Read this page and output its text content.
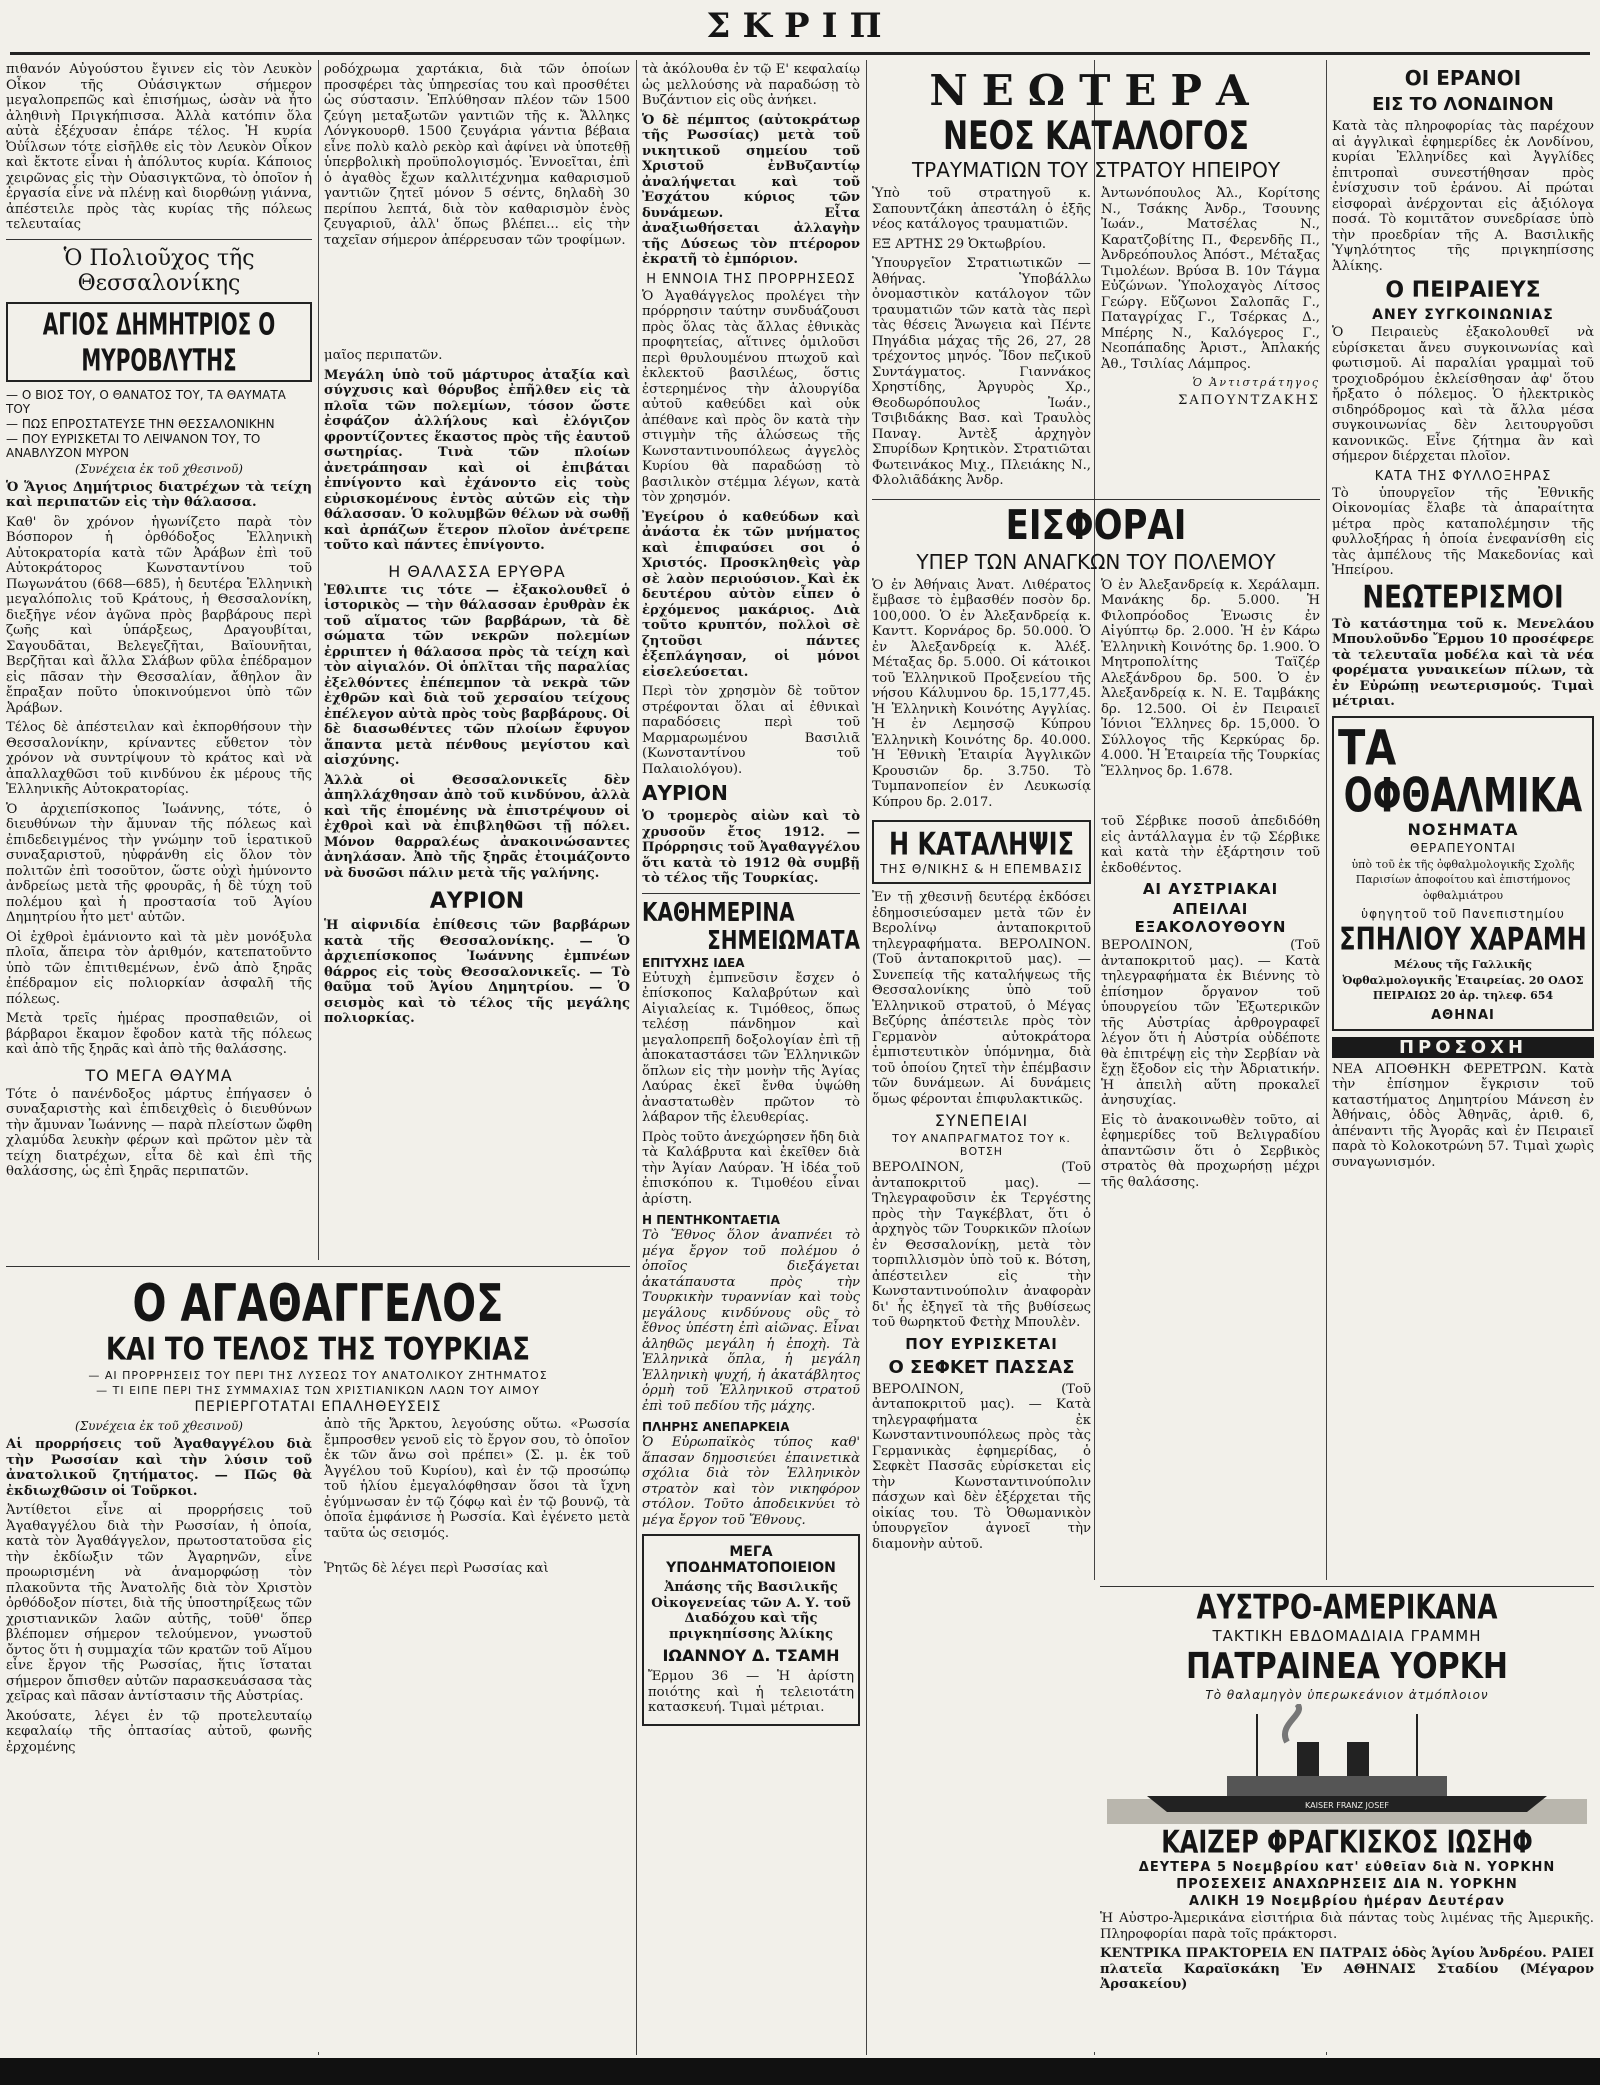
ΣΚΡΙΠ

πιθανόν Αὐγούστου ἔγινεν εἰς τὸν Λευκὸν Οἶκον τῆς Οὐάσιγκτων σήμερον μεγαλοπρεπῶς καὶ ἐπισήμως, ὡσὰν νὰ ἦτο ἀληθινὴ Πριγκήπισσα. Ἀλλὰ κατόπιν ὅλα αὐτὰ ἐξέχυσαν ἐπάρε τέλος. Ἡ κυρία Ὀὐΐλσων τότε εἰσῆλθε εἰς τὸν Λευκὸν Οἶκον καὶ ἔκτοτε εἶναι ἡ ἀπόλυτος κυρία. Κάποιος χειρῶνας εἰς τὴν Οὐασιγκτῶνα, τὸ ὁποῖον ἡ ἐργασία εἶνε νὰ πλένῃ καὶ διορθώνῃ γιάννα, ἀπέστειλε πρὸς τὰς κυρίας τῆς πόλεως τελευταίας

Ὁ Πολιοῦχος τῆς Θεσσαλονίκης
ΑΓΙΟΣ ΔΗΜΗΤΡΙΟΣ Ο ΜΥΡΟΒΛΥΤΗΣ
— Ο ΒΙΟΣ ΤΟΥ, Ο ΘΑΝΑΤΟΣ ΤΟΥ, ΤΑ ΘΑΥΜΑΤΑ ΤΟΥ
— ΠΩΣ ΕΠΡΟΣΤΑΤΕΥΣΕ ΤΗΝ ΘΕΣΣΑΛΟΝΙΚΗΝ
— ΠΟΥ ΕΥΡΙΣΚΕΤΑΙ ΤΟ ΛΕΙΨΑΝΟΝ ΤΟΥ, ΤΟ ΑΝΑΒΛΥΖΟΝ ΜΥΡΟΝ
(Συνέχεια ἐκ τοῦ χθεσινοῦ)

Ὁ Ἅγιος Δημήτριος διατρέχων τὰ τείχη καὶ περιπατῶν εἰς τὴν θάλασσα.

Καθ' ὃν χρόνον ἡγωνίζετο παρὰ τὸν Βόσπορον ἡ ὀρθόδοξος Ἑλληνικὴ Αὐτοκρατορία κατὰ τῶν Ἀράβων ἐπὶ τοῦ Αὐτοκράτορος Κωνσταντίνου τοῦ Πωγωνάτου (668—685), ἡ δευτέρα Ἑλληνικὴ μεγαλόπολις τοῦ Κράτους, ἡ Θεσσαλονίκη, διεξῆγε νέον ἀγῶνα πρὸς βαρβάρους περὶ ζωῆς καὶ ὑπάρξεως, Δραγουβίται, Σαγουδᾶται, Βελεγεζῆται, Βαϊουνῆται, Βερζῆται καὶ ἄλλα Σλάβων φῦλα ἐπέδραμον εἰς πᾶσαν τὴν Θεσσαλίαν, ἄθηλον ἂν ἔπραξαν ποῦτο ὑποκινούμενοι ὑπὸ τῶν Ἀράβων.

Τέλος δὲ ἀπέστειλαν καὶ ἐκπορθήσουν τὴν Θεσσαλονίκην, κρίναντες εὔθετον τὸν χρόνον νὰ συντρίψουν τὸ κράτος καὶ νὰ ἀπαλλαχθῶσι τοῦ κινδύνου ἐκ μέρους τῆς Ἑλληνικῆς Αὐτοκρατορίας.

Ὁ ἀρχιεπίσκοπος Ἰωάννης, τότε, ὁ διευθύνων τὴν ἄμυναν τῆς πόλεως καὶ ἐπιδεδειγμένος τὴν γνώμην τοῦ ἱερατικοῦ συναξαριστοῦ, ηὐφράνθη εἰς ὅλον τὸν πολιτῶν ἐπὶ τοσοῦτον, ὥστε οὐχὶ ἠμύνοντο ἀνδρείως μετὰ τῆς φρουρᾶς, ἡ δὲ τύχη τοῦ πολέμου καὶ ἡ προστασία τοῦ Ἁγίου Δημητρίου ἦτο μετ' αὐτῶν.

Οἱ ἐχθροὶ ἐμάνιοντο καὶ τὰ μὲν μονόξυλα πλοῖα, ἄπειρα τὸν ἀριθμόν, κατεπατοῦντο ὑπὸ τῶν ἐπιτιθεμένων, ἐνῶ ἀπὸ ξηρᾶς ἐπέδραμον εἰς πολιορκίαν ἀσφαλῆ τῆς πόλεως.

Μετὰ τρεῖς ἡμέρας προσπαθειῶν, οἱ βάρβαροι ἔκαμον ἔφοδον κατὰ τῆς πόλεως καὶ ἀπὸ τῆς ξηρᾶς καὶ ἀπὸ τῆς θαλάσσης.

ΤΟ ΜΕΓΑ ΘΑΥΜΑ

Τότε ὁ πανένδοξος μάρτυς ἐπήγασεν ὁ συναξαριστὴς καὶ ἐπιδειχθεὶς ὁ διευθύνων τὴν ἄμυναν Ἰωάννης — παρὰ πλείστων ὤφθη χλαμύδα λευκὴν φέρων καὶ πρῶτον μὲν τὰ τείχη διατρέχων, εἶτα δὲ καὶ ἐπὶ τῆς θαλάσσης, ὡς ἐπὶ ξηρᾶς περιπατῶν.

Ο ΑΓΑΘΑΓΓΕΛΟΣ
ΚΑΙ ΤΟ ΤΕΛΟΣ ΤΗΣ ΤΟΥΡΚΙΑΣ
— ΑΙ ΠΡΟΡΡΗΣΕΙΣ ΤΟΥ ΠΕΡΙ ΤΗΣ ΛΥΣΕΩΣ ΤΟΥ ΑΝΑΤΟΛΙΚΟΥ ΖΗΤΗΜΑΤΟΣ
— ΤΙ ΕΙΠΕ ΠΕΡΙ ΤΗΣ ΣΥΜΜΑΧΙΑΣ ΤΩΝ ΧΡΙΣΤΙΑΝΙΚΩΝ ΛΑΩΝ ΤΟΥ ΑΙΜΟΥ
ΠΕΡΙΕΡΓΟΤΑΤΑΙ ΕΠΑΛΗΘΕΥΣΕΙΣ
(Συνέχεια ἐκ τοῦ χθεσινοῦ)

Αἱ προρρήσεις τοῦ Ἀγαθαγγέλου διὰ τὴν Ρωσσίαν καὶ τὴν λύσιν τοῦ ἀνατολικοῦ ζητήματος. — Πῶς θὰ ἐκδιωχθῶσιν οἱ Τοῦρκοι.

Ἀντίθετοι εἶνε αἱ προρρήσεις τοῦ Ἀγαθαγγέλου διὰ τὴν Ρωσσίαν, ἡ ὁποία, κατὰ τὸν Ἀγαθάγγελον, πρωτοστατοῦσα εἰς τὴν ἐκδίωξιν τῶν Ἀγαρηνῶν, εἶνε προωρισμένη νὰ ἀναμορφώσῃ τὸν πλακοῦντα τῆς Ἀνατολῆς διὰ τὸν Χριστὸν ὀρθόδοξον πίστει, διὰ τῆς ὑποστηρίξεως τῶν χριστιανικῶν λαῶν αὐτῆς, τοῦθ' ὅπερ βλέπομεν σήμερον τελούμενον, γνωστοῦ ὄντος ὅτι ἡ συμμαχία τῶν κρατῶν τοῦ Αἵμου εἶνε ἔργον τῆς Ρωσσίας, ἥτις ἵσταται σήμερον ὄπισθεν αὐτῶν παρασκευάσασα τὰς χεῖρας καὶ πᾶσαν ἀντίστασιν τῆς Αὐστρίας.

Ἀκούσατε, λέγει ἐν τῷ προτελευταίῳ κεφαλαίῳ τῆς ὀπτασίας αὐτοῦ, φωνῆς ἐρχομένης

ἀπὸ τῆς Ἄρκτου, λεγούσης οὕτω. «Ρωσσία ἔμπροσθεν γενοῦ εἰς τὸ ἔργον σου, τὸ ὁποῖον ἐκ τῶν ἄνω σοὶ πρέπει» (Σ. μ. ἐκ τοῦ Ἀγγέλου τοῦ Κυρίου), καὶ ἐν τῷ προσώπῳ τοῦ ἡλίου ἐμεγαλόφθησαν ὅσοι τὰ ἴχνη ἐγύμνωσαν ἐν τῷ ζόφῳ καὶ ἐν τῷ βουνῷ, τὰ ὁποῖα ἐμφάνισε ἡ Ρωσσία. Καὶ ἐγένετο μετὰ ταῦτα ὡς σεισμός.

Ῥητῶς δὲ λέγει περὶ Ρωσσίας καὶ

ροδόχρωμα χαρτάκια, διὰ τῶν ὁποίων προσφέρει τὰς ὑπηρεσίας του καὶ προσθέτει ὡς σύστασιν. Ἐπλύθησαν πλέον τῶν 1500 ζεύγη μεταξωτῶν γαντιῶν τῆς κ. Ἄλληκς Λόνγκουορθ. 1500 ζευγάρια γάντια βέβαια εἶνε πολὺ καλὸ ρεκὸρ καὶ ἀφίνει νὰ ὑποτεθῇ ὑπερβολικὴ προϋπολογισμός. Ἐννοεῖται, ἐπὶ ὁ ἀγαθὸς ἔχων καλλιτέχνημα καθαρισμοῦ γαντιῶν ζητεῖ μόνον 5 σέντς, δηλαδὴ 30 περίπου λεπτά, διὰ τὸν καθαρισμὸν ἑνὸς ζευγαριοῦ, ἀλλ' ὅπως βλέπει... εἰς τὴν ταχεῖαν σήμερον ἀπέρρευσαν τῶν τροφίμων.

μαῖος περιπατῶν.

Μεγάλη ὑπὸ τοῦ μάρτυρος ἀταξία καὶ σύγχυσις καὶ θόρυβος ἐπῆλθεν εἰς τὰ πλοῖα τῶν πολεμίων, τόσον ὥστε ἐσφάζον ἀλλήλους καὶ ἐλόγιζον φροντίζοντες ἕκαστος πρὸς τῆς ἑαυτοῦ σωτηρίας. Τινὰ τῶν πλοίων ἀνετράπησαν καὶ οἱ ἐπιβάται ἐπνίγοντο καὶ ἐχάνοντο εἰς τοὺς εὐρισκομένους ἐντὸς αὐτῶν εἰς τὴν θάλασσαν. Ὁ κολυμβῶν θέλων νὰ σωθῇ καὶ ἀρπάζων ἕτερον πλοῖον ἀνέτρεπε τοῦτο καὶ πάντες ἐπνίγοντο.

Η ΘΑΛΑΣΣΑ ΕΡΥΘΡΑ

Ἐθλιπτε τις τότε — ἐξακολουθεῖ ὁ ἱστορικὸς — τὴν θάλασσαν ἐρυθρὰν ἐκ τοῦ αἵματος τῶν βαρβάρων, τὰ δὲ σώματα τῶν νεκρῶν πολεμίων ἐρριπτεν ἡ θάλασσα πρὸς τὰ τείχη καὶ τὸν αἰγιαλόν. Οἱ ὁπλῖται τῆς παραλίας ἐξελθόντες ἐπέπεμπον τὰ νεκρὰ τῶν ἐχθρῶν καὶ διὰ τοῦ χερσαίου τείχους ἐπέλεγον αὐτὰ πρὸς τοὺς βαρβάρους. Οἱ δὲ διασωθέντες τῶν πλοίων ἔφυγον ἅπαντα μετὰ πένθους μεγίστου καὶ αἰσχύνης.

Ἀλλὰ οἱ Θεσσαλονικεῖς δὲν ἀπηλλάχθησαν ἀπὸ τοῦ κινδύνου, ἀλλὰ καὶ τῆς ἑπομένης νὰ ἐπιστρέψουν οἱ ἐχθροὶ καὶ νὰ ἐπιβληθῶσι τῇ πόλει. Μόνον θαρραλέως ἀνακοινώσαντες ἀνηλάσαν. Ἀπὸ τῆς ξηρᾶς ἐτοιμάζοντο νὰ δυσῶσι πάλιν μετὰ τῆς γαλήνης.

ΑΥΡΙΟΝ

Ἡ αἰφνιδία ἐπίθεσις τῶν βαρβάρων κατὰ τῆς Θεσσαλονίκης. — Ὁ ἀρχιεπίσκοπος Ἰωάννης ἐμπνέων θάρρος εἰς τοὺς Θεσσαλονικεῖς. — Τὸ θαῦμα τοῦ Ἁγίου Δημητρίου. — Ὁ σεισμὸς καὶ τὸ τέλος τῆς μεγάλης πολιορκίας.

τὰ ἀκόλουθα ἐν τῷ Ε' κεφαλαίῳ ὡς μελλούσης νὰ παραδώσῃ τὸ Βυζάντιον εἰς οὓς ἀνήκει.

Ὁ δὲ πέμπτος (αὐτοκράτωρ τῆς Ρωσσίας) μετὰ τοῦ νικητικοῦ σημείου τοῦ Χριστοῦ ἐνΒυζαντίῳ ἀναλήψεται καὶ τοῦ Ἐσχάτου κύριος τῶν δυνάμεων. Εἶτα ἀναξιωθήσεται ἀλλαγὴν τῆς Δύσεως τὸν πτέρορον ἐκρατῆ τὸ ἐμπόριον.

Η ΕΝΝΟΙΑ ΤΗΣ ΠΡΟΡΡΗΣΕΩΣ

Ὁ Ἀγαθάγγελος προλέγει τὴν πρόρρησιν ταύτην συνδυάζουσι πρὸς ὅλας τὰς ἄλλας ἐθνικὰς προφητείας, αἵτινες ὁμιλοῦσι περὶ θρυλουμένου πτωχοῦ καὶ ἐκλεκτοῦ βασιλέως, ὅστις ἐστερημένος τὴν ἀλουργίδα αὐτοῦ καθεύδει καὶ οὐκ ἀπέθανε καὶ πρὸς ὃν κατὰ τὴν στιγμὴν τῆς ἁλώσεως τῆς Κωνσταντινουπόλεως ἀγγελὸς Κυρίου θὰ παραδώσῃ τὸ βασιλικὸν στέμμα λέγων, κατὰ τὸν χρησμόν.

Ἐγείρου ὁ καθεύδων καὶ ἀνάστα ἐκ τῶν μνήματος καὶ ἐπιφαύσει σοι ὁ Χριστός. Προσκληθεὶς γὰρ σὲ λαὸν περιούσιον. Καὶ ἐκ δευτέρου αὐτὸν εἶπεν ὁ ἐρχόμενος μακάριος. Διὰ τοῦτο κρυπτόν, πολλοὶ σὲ ζητοῦσι πάντες ἐξεπλάγησαν, οἱ μόνοι εἰσελεύσεται.

Περὶ τὸν χρησμὸν δὲ τοῦτον στρέφονται ὅλαι αἱ ἐθνικαὶ παραδόσεις περὶ τοῦ Μαρμαρωμένου Βασιλιᾶ (Κωνσταντίνου τοῦ Παλαιολόγου).

ΑΥΡΙΟΝ

Ὁ τρομερὸς αἰὼν καὶ τὸ χρυσοῦν ἔτος 1912. — Πρόρρησις τοῦ Ἀγαθαγγέλου ὅτι κατὰ τὸ 1912 θὰ συμβῇ τὸ τέλος τῆς Τουρκίας.

ΚΑΘΗΜΕΡΙΝΑ
ΣΗΜΕΙΩΜΑΤΑ
ΕΠΙΤΥΧΗΣ ΙΔΕΑ

Εὐτυχὴ ἐμπνεῦσιν ἔσχεν ὁ ἐπίσκοπος Καλαβρύτων καὶ Αἰγιαλείας κ. Τιμόθεος, ὅπως τελέσῃ πάνδημον καὶ μεγαλοπρεπῆ δοξολογίαν ἐπὶ τῇ ἀποκαταστάσει τῶν Ἑλληνικῶν ὅπλων εἰς τὴν μονὴν τῆς Ἁγίας Λαύρας ἐκεῖ ἔνθα ὑψώθη ἀναστατωθὲν πρῶτον τὸ λάβαρον τῆς ἐλευθερίας.

Πρὸς τοῦτο ἀνεχώρησεν ἤδη διὰ τὰ Καλάβρυτα καὶ ἐκεῖθεν διὰ τὴν Ἁγίαν Λαύραν. Ἡ ἰδέα τοῦ ἐπισκόπου κ. Τιμοθέου εἶναι ἀρίστη.

Η ΠΕΝΤΗΚΟΝΤΑΕΤΙΑ

Τὸ Ἔθνος ὅλον ἀναπνέει τὸ μέγα ἔργον τοῦ πολέμου ὁ ὁποῖος διεξάγεται ἀκατάπαυστα πρὸς τὴν Τουρκικὴν τυραννίαν καὶ τοὺς μεγάλους κινδύνους οὓς τὸ ἔθνος ὑπέστη ἐπὶ αἰῶνας. Εἶναι ἀληθῶς μεγάλη ἡ ἐποχὴ. Τὰ Ἑλληνικὰ ὅπλα, ἡ μεγάλη Ἑλληνικὴ ψυχή, ἡ ἀκατάβλητος ὁρμὴ τοῦ Ἑλληνικοῦ στρατοῦ ἐπὶ τοῦ πεδίου τῆς μάχης.

ΠΛΗΡΗΣ ΑΝΕΠΑΡΚΕΙΑ

Ὁ Εὐρωπαϊκὸς τύπος καθ' ἅπασαν δημοσιεύει ἐπαινετικὰ σχόλια διὰ τὸν Ἑλληνικὸν στρατὸν καὶ τὸν νικηφόρον στόλον. Τοῦτο ἀποδεικνύει τὸ μέγα ἔργον τοῦ Ἔθνους.

ΜΕΓΑ ΥΠΟΔΗΜΑΤΟΠΟΙΕΙΟΝ

Ἀπάσης τῆς Βασιλικῆς Οἰκογενείας τῶν Α. Υ. τοῦ Διαδόχου καὶ τῆς πριγκηπίσσης Ἀλίκης

ΙΩΑΝΝΟΥ Δ. ΤΣΑΜΗ

Ἔρμου 36 — Ἡ ἀρίστη ποιότης καὶ ἡ τελειοτάτη κατασκευή. Τιμαὶ μέτριαι.

ΝΕΩΤΕΡΑ
ΝΕΟΣ ΚΑΤΑΛΟΓΟΣ
ΤΡΑΥΜΑΤΙΩΝ ΤΟΥ ΣΤΡΑΤΟΥ ΗΠΕΙΡΟΥ

Ὑπὸ τοῦ στρατηγοῦ κ. Σαπουντζάκη ἀπεστάλη ὁ ἑξῆς νέος κατάλογος τραυματιῶν.

ΕΞ ΑΡΤΗΣ 29 Ὀκτωβρίου.

Ὑπουργεῖον Στρατιωτικῶν — Ἀθήνας. Ὑποβάλλω ὀνομαστικὸν κατάλογον τῶν τραυματιῶν τῶν κατὰ τὰς περὶ τὰς θέσεις Ἄνωγεια καὶ Πέντε Πηγάδια μάχας τῆς 26, 27, 28 τρέχοντος μηνός. Ἴδον πεζικοῦ Συντάγματος. Γιαννάκος Χρηστίδης, Ἀργυρὸς Χρ., Θεοδωρόπουλος Ἰωάν., Τσιβιδάκης Βασ. καὶ Τραυλὸς Παναγ. Ἀντὲξ ἀρχηγὸν Σπυρίδων Κρητικὸν. Στρατιῶται Φωτεινάκος Μιχ., Πλειάκης Ν., Φλολιᾶδάκης Ἀνδρ.

Ἀντωνόπουλος Ἀλ., Κορίτσης Ν., Τσάκης Ἀνδρ., Τσουνης Ἰωάν., Ματσέλας Ν., Καρατζοβίτης Π., Φερενδῆς Π., Ἀνδρεόπουλος Ἀπόστ., Μέταξας Τιμολέων. Βρύσα Β. 10ν Τάγμα Εὐζώνων. Ὑπολοχαγὸς Λίτσος Γεώργ. Εὔζωνοι Σαλοπᾶς Γ., Παταγρίχας Γ., Τσέρκας Δ., Μπέρης Ν., Καλόγερος Γ., Νεοπάπαδης Ἀριστ., Ἀπλακής Ἀθ., Τσιλίας Λάμπρος.

Ὁ Ἀντιστράτηγος
ΣΑΠΟΥΝΤΖΑΚΗΣ
ΕΙΣΦΟΡΑΙ
ΥΠΕΡ ΤΩΝ ΑΝΑΓΚΩΝ ΤΟΥ ΠΟΛΕΜΟΥ

Ὁ ἐν Ἀθήναις Ἀνατ. Λιθέρατος ἔμβασε τὸ ἐμβασθέν ποσὸν δρ. 100,000. Ὁ ἐν Ἀλεξανδρείᾳ κ. Κανττ. Κορνάρος δρ. 50.000. Ὁ ἐν Ἀλεξανδρείᾳ κ. Ἀλέξ. Μέταξας δρ. 5.000. Οἱ κάτοικοι τοῦ Ἑλληνικοῦ Προξενείου τῆς νήσου Κάλυμνου δρ. 15,177,45. Ἡ Ἑλληνικὴ Κοινότης Αγγλίας. Ἡ ἐν Λεμησσῷ Κύπρου Ἑλληνικὴ Κοινότης δρ. 40.000. Ἡ Ἐθνικὴ Ἑταιρία Ἀγγλικῶν Κρουσιῶν δρ. 3.750. Τὸ Τυμπανοπείον ἐν Λευκωσίᾳ Κύπρου δρ. 2.017.

Ὁ ἐν Ἀλεξανδρείᾳ κ. Χεράλαμπ. Μανάκης δρ. 5.000. Ἡ Φιλοπρόοδος Ἑνωσις ἐν Αἰγύπτῳ δρ. 2.000. Ἡ ἐν Κάρω Ἑλληνικὴ Κοινότης δρ. 1.900. Ὁ Μητροπολίτης Ταϊζέρ Αλεξάνδρου δρ. 500. Ὁ ἐν Ἀλεξανδρείᾳ κ. Ν. Ε. Ταμβάκης δρ. 12.500. Οἱ ἐν Πειραιεῖ Ἰόνιοι Ἕλληνες δρ. 15,000. Ὁ Σύλλογος τῆς Κερκύρας δρ. 4.000. Ἡ Ἑταιρεία τῆς Τουρκίας Ἕλληνος δρ. 1.678.

Η ΚΑΤΑΛΗΨΙΣ
ΤΗΣ Θ/ΝΙΚΗΣ & Η ΕΠΕΜΒΑΣΙΣ

Ἐν τῇ χθεσινῇ δευτέρᾳ ἐκδόσει ἐδημοσιεύσαμεν μετὰ τῶν ἐν Βερολίνῳ ἀνταποκριτοῦ τηλεγραφήματα. ΒΕΡΟΛΙΝΟΝ. (Τοῦ ἀνταποκριτοῦ μας). — Συνεπείᾳ τῆς καταλήψεως τῆς Θεσσαλονίκης ὑπὸ τοῦ Ἑλληνικοῦ στρατοῦ, ὁ Μέγας Βεζύρης ἀπέστειλε πρὸς τὸν Γερμανὸν αὐτοκράτορα ἐμπιστευτικὸν ὑπόμνημα, διὰ τοῦ ὁποίου ζητεῖ τὴν ἐπέμβασιν τῶν δυνάμεων. Αἱ δυνάμεις ὅμως φέρονται ἐπιφυλακτικῶς.

ΣΥΝΕΠΕΙΑΙ
ΤΟΥ ΑΝΑΠΡΑΓΜΑΤΟΣ ΤΟΥ κ. ΒΟΤΣΗ

ΒΕΡΟΛΙΝΟΝ, (Τοῦ ἀνταποκριτοῦ μας). — Τηλεγραφοῦσιν ἐκ Τεργέστης πρὸς τὴν Ταγκέβλατ, ὅτι ὁ ἀρχηγὸς τῶν Τουρκικῶν πλοίων ἐν Θεσσαλονίκῃ, μετὰ τὸν τορπιλλισμὸν ὑπὸ τοῦ κ. Βότση, ἀπέστειλεν εἰς τὴν Κωνσταντινούπολιν ἀναφορὰν δι' ἧς ἐξηγεῖ τὰ τῆς βυθίσεως τοῦ θωρηκτοῦ Φετὴχ Μπουλὲν.

ΠΟΥ ΕΥΡΙΣΚΕΤΑΙ
Ο ΣΕΦΚΕΤ ΠΑΣΣΑΣ

ΒΕΡΟΛΙΝΟΝ, (Τοῦ ἀνταποκριτοῦ μας). — Κατὰ τηλεγραφήματα ἐκ Κωνσταντινουπόλεως πρὸς τὰς Γερμανικὰς ἐφημερίδας, ὁ Σεφκὲτ Πασσᾶς εὑρίσκεται εἰς τὴν Κωνσταντινούπολιν πάσχων καὶ δὲν ἐξέρχεται τῆς οἰκίας του. Τὸ Ὀθωμανικὸν ὑπουργεῖον ἀγνοεῖ τὴν διαμονὴν αὐτοῦ.

τοῦ Σέρβικε ποσοῦ ἀπεδιδόθη εἰς ἀντάλλαγμα ἐν τῷ Σέρβικε καὶ κατὰ τὴν ἐξάρτησιν τοῦ ἐκδοθέντος.

ΑΙ ΑΥΣΤΡΙΑΚΑΙ
ΑΠΕΙΛΑΙ ΕΞΑΚΟΛΟΥΘΟΥΝ

ΒΕΡΟΛΙΝΟΝ, (Τοῦ ἀνταποκριτοῦ μας). — Κατὰ τηλεγραφήματα ἐκ Βιέννης τὸ ἐπίσημον ὄργανον τοῦ ὑπουργείου τῶν Ἐξωτερικῶν τῆς Αὐστρίας ἀρθρογραφεῖ λέγον ὅτι ἡ Αὐστρία οὐδέποτε θὰ ἐπιτρέψῃ εἰς τὴν Σερβίαν νὰ ἔχῃ ἔξοδον εἰς τὴν Ἀδριατικήν. Ἡ ἀπειλὴ αὕτη προκαλεῖ ἀνησυχίας.

Εἰς τὸ ἀνακοινωθὲν τοῦτο, αἱ ἐφημερίδες τοῦ Βελιγραδίου ἀπαντῶσιν ὅτι ὁ Σερβικὸς στρατὸς θὰ προχωρήσῃ μέχρι τῆς θαλάσσης.

ΟΙ ΕΡΑΝΟΙ
ΕΙΣ ΤΟ ΛΟΝΔΙΝΟΝ

Κατὰ τὰς πληροφορίας τὰς παρέχουν αἱ ἀγγλικαὶ ἐφημερίδες ἐκ Λονδίνου, κυρίαι Ἑλληνίδες καὶ Ἀγγλίδες ἐπιτροπαὶ συνεστήθησαν πρὸς ἐνίσχυσιν τοῦ ἐράνου. Αἱ πρώται εἰσφοραὶ ἀνέρχονται εἰς ἀξιόλογα ποσά. Τὸ κομιτᾶτον συνεδρίασε ὑπὸ τὴν προεδρίαν τῆς Α. Βασιλικῆς Ὑψηλότητος τῆς πριγκηπίσσης Ἀλίκης.

Ο ΠΕΙΡΑΙΕΥΣ
ΑΝΕΥ ΣΥΓΚΟΙΝΩΝΙΑΣ

Ὁ Πειραιεὺς ἐξακολουθεῖ νὰ εὑρίσκεται ἄνευ συγκοινωνίας καὶ φωτισμοῦ. Αἱ παραλίαι γραμμαὶ τοῦ τροχιοδρόμου ἐκλείσθησαν ἀφ' ὅτου ἤρξατο ὁ πόλεμος. Ὁ ἠλεκτρικὸς σιδηρόδρομος καὶ τὰ ἄλλα μέσα συγκοινωνίας δὲν λειτουργοῦσι κανονικῶς. Εἶνε ζήτημα ἂν καὶ σήμερον διέρχεται πλοῖον.

ΚΑΤΑ ΤΗΣ ΦΥΛΛΟΞΗΡΑΣ

Τὸ ὑπουργεῖον τῆς Ἐθνικῆς Οἰκονομίας ἔλαβε τὰ ἀπαραίτητα μέτρα πρὸς καταπολέμησιν τῆς φυλλοξήρας ἡ ὁποία ἐνεφανίσθη εἰς τὰς ἀμπέλους τῆς Μακεδονίας καὶ Ἠπείρου.

ΝΕΩΤΕΡΙΣΜΟΙ

Τὸ κατάστημα τοῦ κ. Μενελάου Μπουλοῦνδο Ἔρμου 10 προσέφερε τὰ τελευταῖα μοδέλα καὶ τὰ νέα φορέματα γυναικείων πίλων, τὰ ἐν Εὐρώπῃ νεωτερισμούς. Τιμαὶ μέτριαι.

ΤΑ
ΟΦΘΑΛΜΙΚΑ
ΝΟΣΗΜΑΤΑ
ΘΕΡΑΠΕΥΟΝΤΑΙ

ὑπὸ τοῦ ἐκ τῆς ὀφθαλμολογικῆς Σχολῆς Παρισίων ἀποφοίτου καὶ ἐπιστήμονος ὀφθαλμιάτρου

ὑφηγητοῦ τοῦ Πανεπιστημίου
ΣΠΗΛΙΟΥ ΧΑΡΑΜΗ

Μέλους τῆς Γαλλικῆς Ὀφθαλμολογικῆς Ἑταιρείας. 20 ΟΔΟΣ ΠΕΙΡΑΙΩΣ 20 ἀρ. τηλεφ. 654

ΑΘΗΝΑΙ
ΠΡΟΣΟΧΗ

ΝΕΑ ΑΠΟΘΗΚΗ ΦΕΡΕΤΡΩΝ. Κατὰ τὴν ἐπίσημον ἔγκρισιν τοῦ καταστήματος Δημητρίου Μάνεση ἐν Ἀθήναις, ὁδὸς Ἀθηνᾶς, ἀριθ. 6, ἀπέναντι τῆς Ἀγορᾶς καὶ ἐν Πειραιεῖ παρὰ τὸ Κολοκοτρώνη 57. Τιμαὶ χωρὶς συναγωνισμόν.

ΑΥΣΤΡΟ-ΑΜΕΡΙΚΑΝΑ
ΤΑΚΤΙΚΗ ΕΒΔΟΜΑΔΙΑΙΑ ΓΡΑΜΜΗ
ΠΑΤΡΑΙΝΕΑ ΥΟΡΚΗ
Τὸ θαλαμηγὸν ὑπερωκεάνιον ἀτμόπλοιον
KAISER FRANZ JOSEF
ΚΑΙΖΕΡ ΦΡΑΓΚΙΣΚΟΣ ΙΩΣΗΦ
ΔΕΥΤΕΡΑ 5 Νοεμβρίου κατ' εὐθεῖαν διὰ Ν. ΥΟΡΚΗΝ
ΠΡΟΣΕΧΕΙΣ ΑΝΑΧΩΡΗΣΕΙΣ ΔΙΑ Ν. ΥΟΡΚΗΝ
ΑΛΙΚΗ 19 Νοεμβρίου ἡμέραν Δευτέραν

Ἡ Αὐστρο-Ἀμερικάνα εἰσιτήρια διὰ πάντας τοὺς λιμένας τῆς Ἀμερικῆς. Πληροφορίαι παρὰ τοῖς πράκτορσι.

ΚΕΝΤΡΙΚΑ ΠΡΑΚΤΟΡΕΙΑ ΕΝ ΠΑΤΡΑΙΣ ὁδὸς Ἁγίου Ἀνδρέου. ΡΑΙΕΙ πλατεῖα Καραϊσκάκη Ἐν ΑΘΗΝΑΙΣ Σταδίου (Μέγαρον Ἀρσακείου)
